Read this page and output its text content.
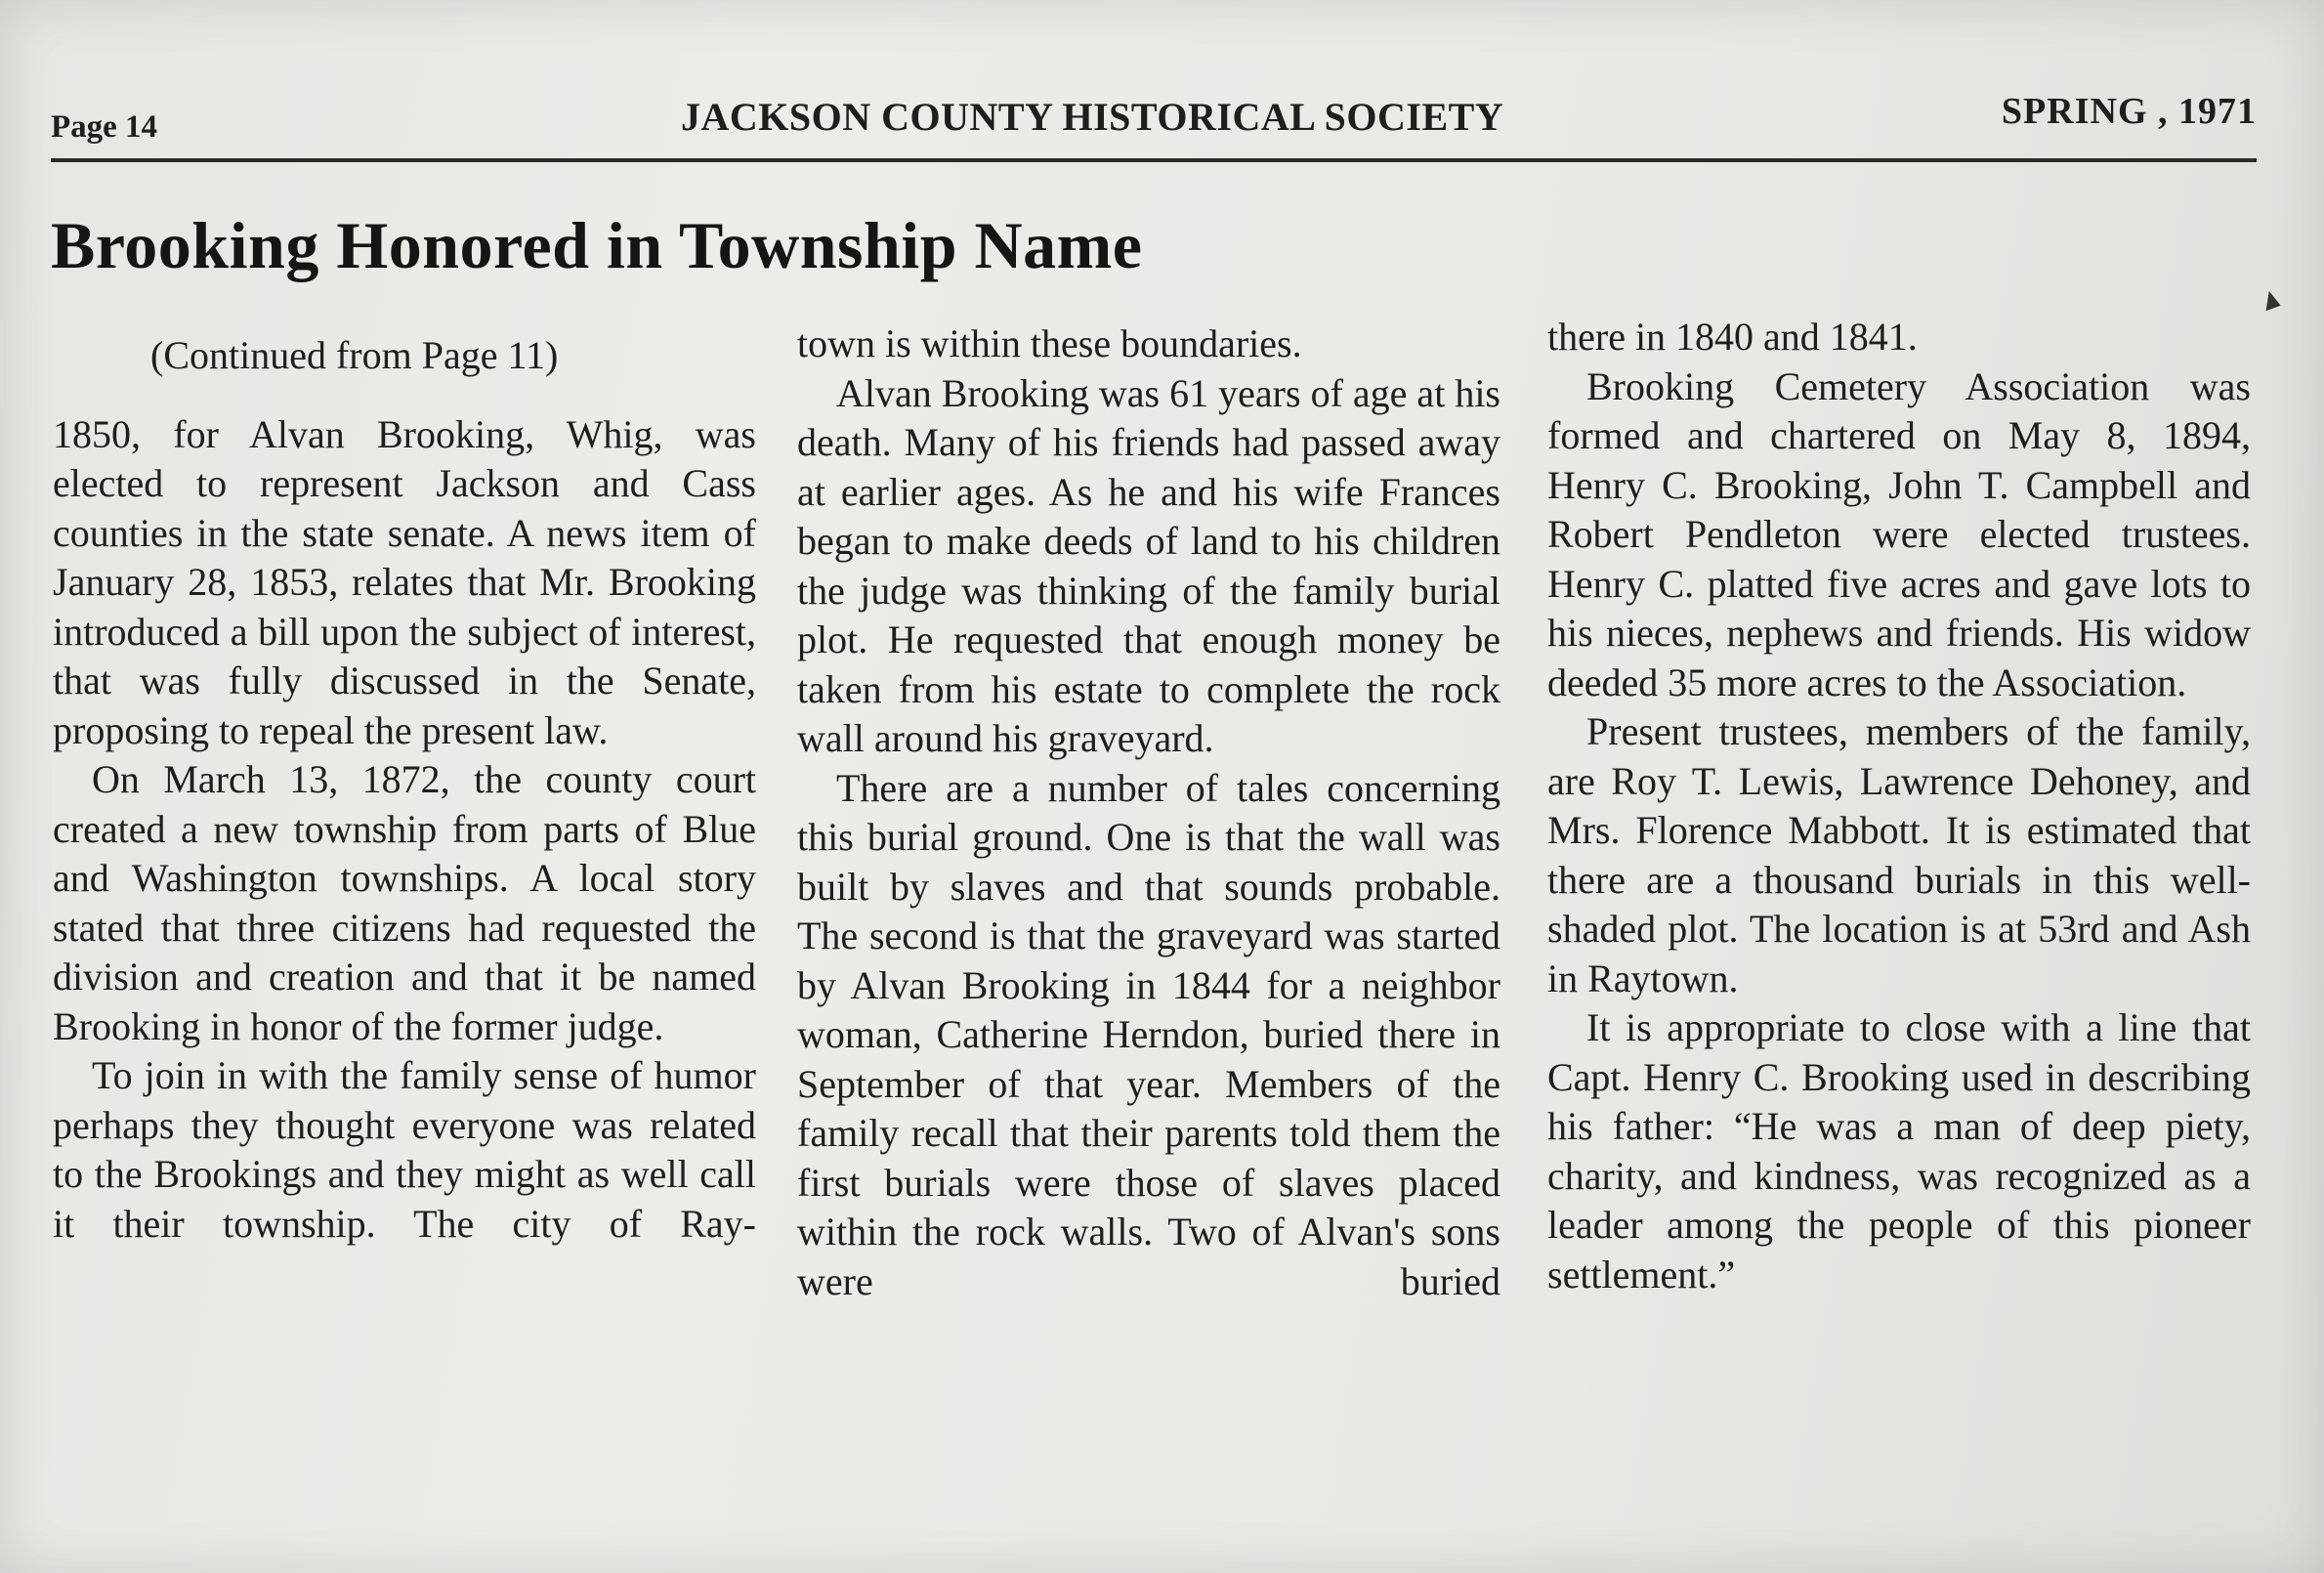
Page 14	JACKSON COUNTY HISTORICAL SOCIETY	SPRING , 1971
Brooking Honored in Township Name

(Continued from Page 11)

1850, for Alvan Brooking, Whig, was elected to represent Jackson and Cass counties in the state senate. A news item of January 28, 1853, relates that Mr. Brooking introduced a bill upon the subject of interest, that was fully discussed in the Senate, proposing to repeal the present law.

On March 13, 1872, the county court created a new township from parts of Blue and Washington townships. A local story stated that three citizens had requested the division and creation and that it be named Brooking in honor of the former judge.

To join in with the family sense of humor perhaps they thought everyone was related to the Brookings and they might as well call it their township. The city of Ray-

town is within these boundaries.

Alvan Brooking was 61 years of age at his death. Many of his friends had passed away at earlier ages. As he and his wife Frances began to make deeds of land to his children the judge was thinking of the family burial plot. He requested that enough money be taken from his estate to complete the rock wall around his graveyard.

There are a number of tales concerning this burial ground. One is that the wall was built by slaves and that sounds probable. The second is that the graveyard was started by Alvan Brooking in 1844 for a neighbor woman, Catherine Herndon, buried there in September of that year. Members of the family recall that their parents told them the first burials were those of slaves placed within the rock walls. Two of Alvan's sons were buried

there in 1840 and 1841.

Brooking Cemetery Association was formed and chartered on May 8, 1894, Henry C. Brooking, John T. Campbell and Robert Pendleton were elected trustees. Henry C. platted five acres and gave lots to his nieces, nephews and friends. His widow deeded 35 more acres to the Association.

Present trustees, members of the family, are Roy T. Lewis, Lawrence Dehoney, and Mrs. Florence Mabbott. It is estimated that there are a thousand burials in this well-shaded plot. The location is at 53rd and Ash in Raytown.

It is appropriate to close with a line that Capt. Henry C. Brooking used in describing his father: “He was a man of deep piety, charity, and kindness, was recognized as a leader among the people of this pioneer settlement.”
